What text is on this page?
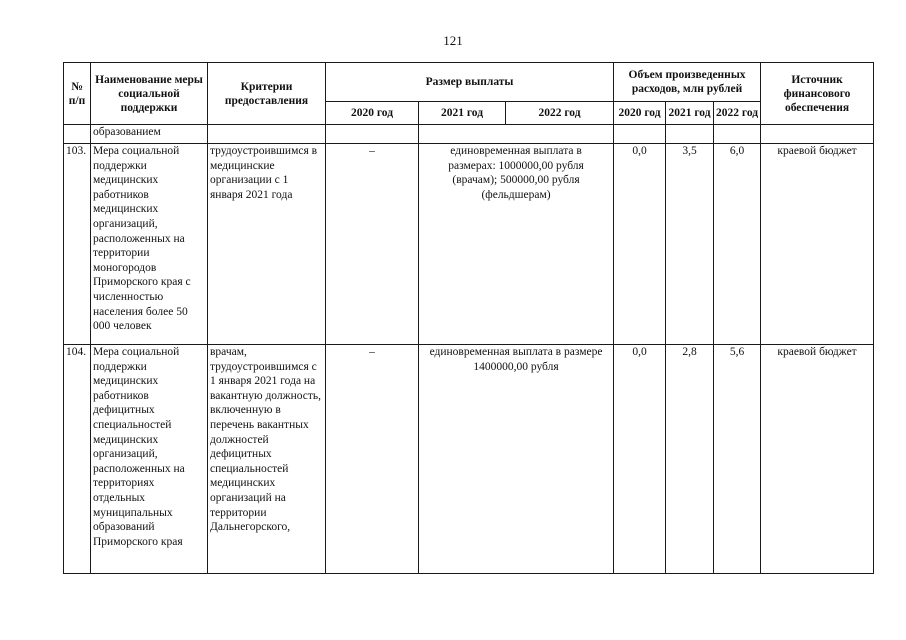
121
№ п/п	Наименование меры социальной поддержки	Критерии предоставления	Размер выплаты			Объем произведенных расходов, млн рублей			Источник финансового обеспечения
			2020 год	2021 год	2022 год	2020 год	2021 год	2022 год	
	образованием								
103.	Мера социальной поддержки медицинских работников медицинских организаций, расположенных на территории моногородов Приморского края с численностью населения более 50 000 человек	трудоустроившимся в медицинские организации с 1 января 2021 года	–	единовременная выплата в размерах: 1000000,00 рубля (врачам); 500000,00 рубля (фельдшерам)		0,0	3,5	6,0	краевой бюджет
104.	Мера социальной поддержки медицинских работников дефицитных специальностей медицинских организаций, расположенных на территориях отдельных муниципальных образований Приморского края	врачам, трудоустроившимся с 1 января 2021 года на вакантную должность, включенную в перечень вакантных должностей дефицитных специальностей медицинских организаций на территории Дальнегорского,	–	единовременная выплата в размере 1400000,00 рубля		0,0	2,8	5,6	краевой бюджет
